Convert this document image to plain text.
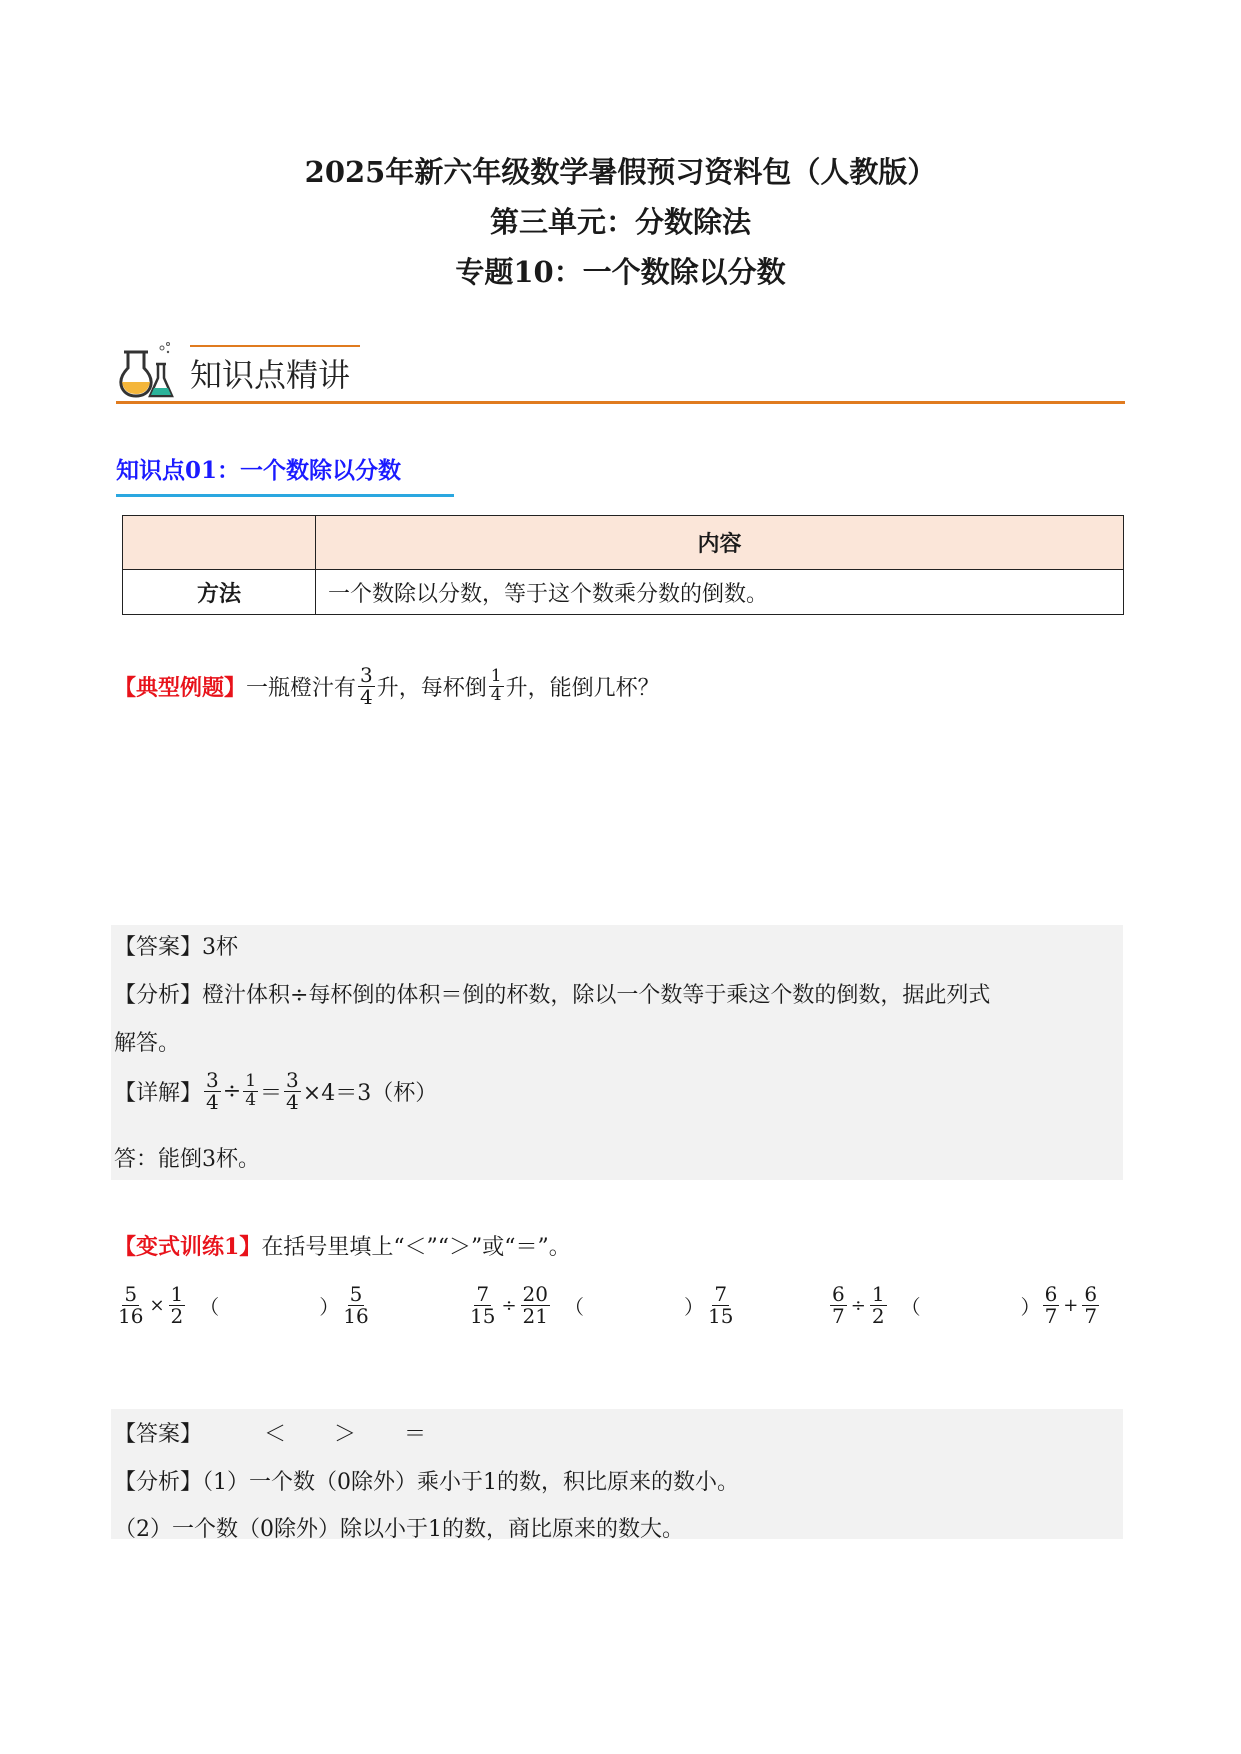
2025年新六年级数学暑假预习资料包（人教版）
第三单元：分数除法
专题10：一个数除以分数
知识点精讲
知识点01：一个数除以分数
	内容
方法	一个数除以分数，等于这个数乘分数的倒数。
【典型例题】 一瓶橙汁有 $\frac{3}{4}$ 升，每杯倒 $\frac{1}{4}$ 升，能倒几杯？
【答案】3杯
【分析】橙汁体积÷每杯倒的体积＝倒的杯数，除以一个数等于乘这个数的倒数，据此列式
解答。
【详解】 $\frac{3}{4} \div \frac{1}{4} = \frac{3}{4} \times 4=3$（杯）
答：能倒3杯。
【变式训练1】在括号里填上“＜”“＞”或“＝”。
$\frac{5}{16} \times \frac{1}{2}$ （　　　　　） $\frac{5}{16}$	$\frac{7}{15} \div \frac{20}{21}$ （　　　　　） $\frac{7}{15}$	$\frac{6}{7} \div \frac{1}{2}$ （　　　　　） $\frac{6}{7} + \frac{6}{7}$
【答案】	＜ ＞ ＝
【分析】（1）一个数（0除外）乘小于1的数，积比原来的数小。
（2）一个数（0除外）除以小于1的数，商比原来的数大。
